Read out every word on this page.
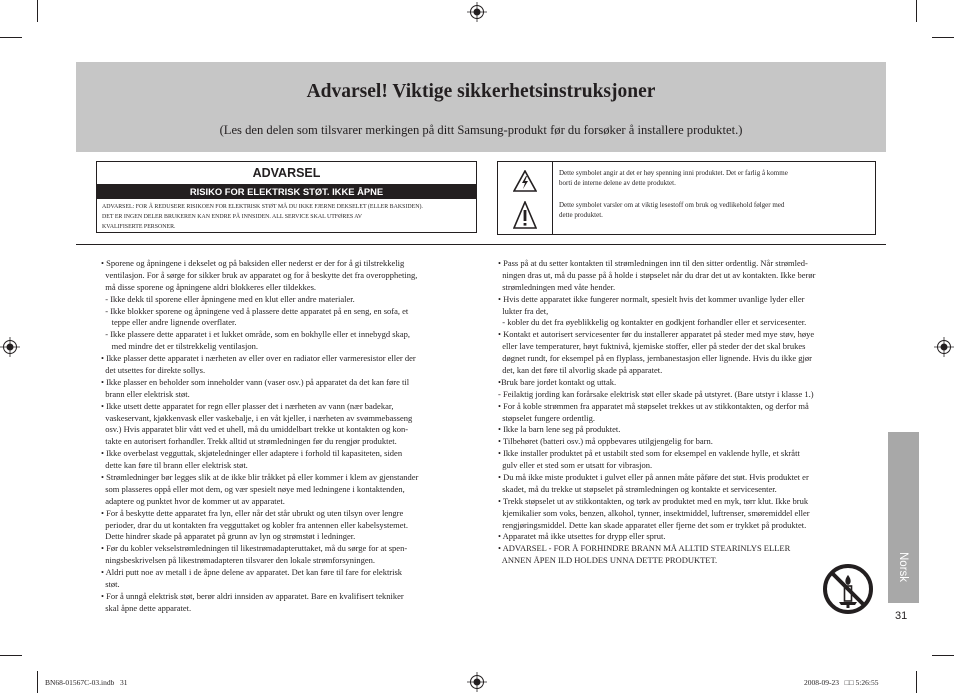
Advarsel! Viktige sikkerhetsinstruksjoner
(Les den delen som tilsvarer merkingen på ditt Samsung-produkt før du forsøker å installere produktet.)
ADVARSEL
RISIKO FOR ELEKTRISK STØT. IKKE ÅPNE
ADVARSEL: FOR Å REDUSERE RISIKOEN FOR ELEKTRISK STØT MÅ DU IKKE FJERNE DEKSELET (ELLER BAKSIDEN).
DET ER INGEN DELER BRUKEREN KAN ENDRE PÅ INNSIDEN. ALL SERVICE SKAL UTFØRES AV
KVALIFISERTE PERSONER.
Dette symbolet angir at det er høy spenning inni produktet. Det er farlig å komme
borti de interne delene av dette produktet.
Dette symbolet varsler om at viktig lesestoff om bruk og vedlikehold følger med
dette produktet.
• Sporene og åpningene i dekselet og på baksiden eller nederst er der for å gi tilstrekkelig
ventilasjon. For å sørge for sikker bruk av apparatet og for å beskytte det fra overoppheting,
må disse sporene og åpningene aldri blokkeres eller tildekkes.
- Ikke dekk til sporene eller åpningene med en klut eller andre materialer.
- Ikke blokker sporene og åpningene ved å plassere dette apparatet på en seng, en sofa, et
teppe eller andre lignende overflater.
- Ikke plassere dette apparatet i et lukket område, som en bokhylle eller et innebygd skap,
med mindre det er tilstrekkelig ventilasjon.
• Ikke plasser dette apparatet i nærheten av eller over en radiator eller varmeresistor eller der
det utsettes for direkte sollys.
• Ikke plasser en beholder som inneholder vann (vaser osv.) på apparatet da det kan føre til
brann eller elektrisk støt.
• Ikke utsett dette apparatet for regn eller plasser det i nærheten av vann (nær badekar,
vaskeservant, kjøkkenvask eller vaskebalje, i en våt kjeller, i nærheten av svømmebasseng
osv.) Hvis apparatet blir vått ved et uhell, må du umiddelbart trekke ut kontakten og kon-
takte en autorisert forhandler. Trekk alltid ut strømledningen før du rengjør produktet.
• Ikke overbelast vegguttak, skjøteledninger eller adaptere i forhold til kapasiteten, siden
dette kan føre til brann eller elektrisk støt.
• Strømledninger bør legges slik at de ikke blir tråkket på eller kommer i klem av gjenstander
som plasseres oppå eller mot dem, og vær spesielt nøye med ledningene i kontaktenden,
adaptere og punktet hvor de kommer ut av apparatet.
• For å beskytte dette apparatet fra lyn, eller når det står ubrukt og uten tilsyn over lengre
perioder, drar du ut kontakten fra vegguttaket og kobler fra antennen eller kabelsystemet.
Dette hindrer skade på apparatet på grunn av lyn og strømstøt i ledninger.
• Før du kobler vekselstrømledningen til likestrømadapteruttaket, må du sørge for at spen-
ningsbeskrivelsen på likestrømadapteren tilsvarer den lokale strømforsyningen.
• Aldri putt noe av metall i de åpne delene av apparatet. Det kan føre til fare for elektrisk
støt.
• For å unngå elektrisk støt, berør aldri innsiden av apparatet. Bare en kvalifisert tekniker
skal åpne dette apparatet.
• Pass på at du setter kontakten til strømledningen inn til den sitter ordentlig. Når strømled-
ningen dras ut, må du passe på å holde i støpselet når du drar det ut av kontakten. Ikke berør
strømledningen med våte hender.
• Hvis dette apparatet ikke fungerer normalt, spesielt hvis det kommer uvanlige lyder eller
lukter fra det,
- kobler du det fra øyeblikkelig og kontakter en godkjent forhandler eller et servicesenter.
• Kontakt et autorisert servicesenter før du installerer apparatet på steder med mye støv, høye
eller lave temperaturer, høyt fuktnivå, kjemiske stoffer, eller på steder der det skal brukes
døgnet rundt, for eksempel på en flyplass, jernbanestasjon eller lignende. Hvis du ikke gjør
det, kan det føre til alvorlig skade på apparatet.
•Bruk bare jordet kontakt og uttak.
- Feilaktig jording kan forårsake elektrisk støt eller skade på utstyret. (Bare utstyr i klasse 1.)
• For å koble strømmen fra apparatet må støpselet trekkes ut av stikkontakten, og derfor må
støpselet fungere ordentlig.
• Ikke la barn lene seg på produktet.
• Tilbehøret (batteri osv.) må oppbevares utilgjengelig for barn.
• Ikke installer produktet på et ustabilt sted som for eksempel en vaklende hylle, et skrått
gulv eller et sted som er utsatt for vibrasjon.
• Du må ikke miste produktet i gulvet eller på annen måte påføre det støt. Hvis produktet er
skadet, må du trekke ut støpselet på strømledningen og kontakte et servicesenter.
• Trekk støpselet ut av stikkontakten, og tørk av produktet med en myk, tørr klut. Ikke bruk
kjemikalier som voks, benzen, alkohol, tynner, insektmiddel, luftrenser, smøremiddel eller
rengjøringsmiddel. Dette kan skade apparatet eller fjerne det som er trykket på produktet.
• Apparatet må ikke utsettes for drypp eller sprut.
• ADVARSEL - FOR Å FORHINDRE BRANN MÅ ALLTID STEARINLYS ELLER
ANNEN ÅPEN ILD HOLDES UNNA DETTE PRODUKTET.	Norsk
31
BN68-01567C-03.indb   31	2008-09-23   □□ 5:26:55
